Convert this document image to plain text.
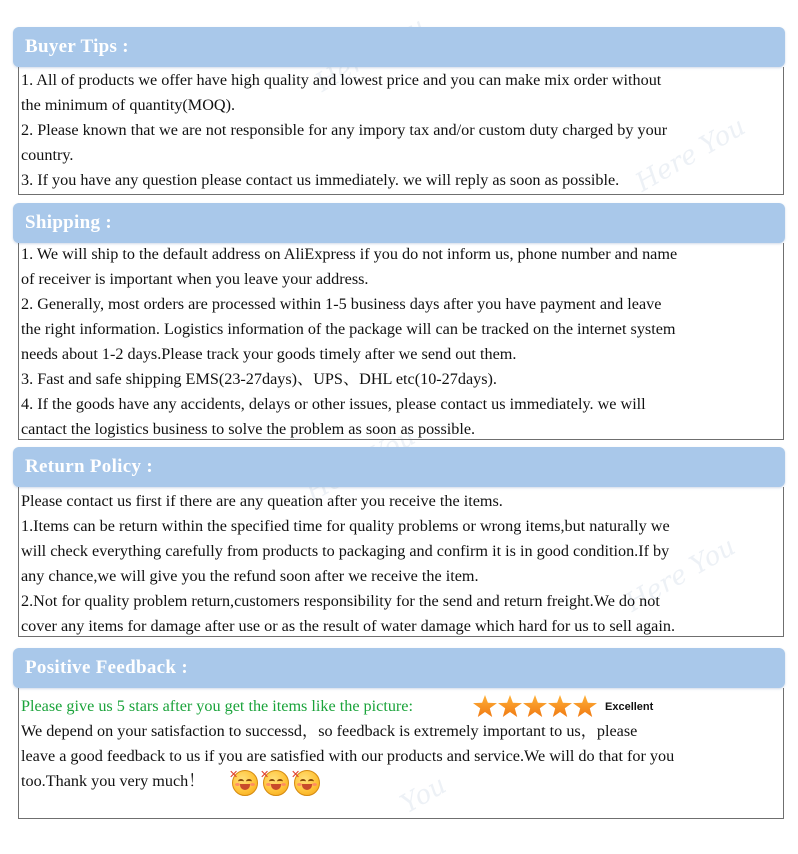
Here You
Here You
You
Buyer Tips :
1. All of products we offer have high quality and lowest price and you can make mix order without
the minimum of quantity(MOQ).
2. Please known that we are not responsible for any impory tax and/or custom duty charged by your
country.
3. If you have any question please contact us immediately. we will reply as soon as possible.
Shipping :
1. We will ship to the default address on AliExpress if you do not inform us, phone number and name
of receiver is important when you leave your address.
2. Generally, most orders are processed within 1-5 business days after you have payment and leave
the right information. Logistics information of the package will can be tracked on the internet system
needs about 1-2 days.Please track your goods timely after we send out them.
3. Fast and safe shipping EMS(23-27days)、UPS、DHL etc(10-27days).
4. If the goods have any accidents, delays or other issues, please contact us immediately. we will
cantact the logistics business to solve the problem as soon as possible.
Return Policy :
Please contact us first if there are any queation after you receive the items.
1.Items can be return within the specified time for quality problems or wrong items,but naturally we
will check everything carefully from products to packaging and confirm it is in good condition.If by
any chance,we will give you the refund soon after we receive the item.
2.Not for quality problem return,customers responsibility for the send and return freight.We do not
cover any items for damage after use or as the result of water damage which hard for us to sell again.
Positive Feedback :
Please give us 5 stars after you get the items like the picture:	Excellent
We depend on your satisfaction to successd，so feedback is extremely important to us，please
leave a good feedback to us if you are satisfied with our products and service.We will do that for you
too.Thank you very much！ ✕ ✕ ✕
